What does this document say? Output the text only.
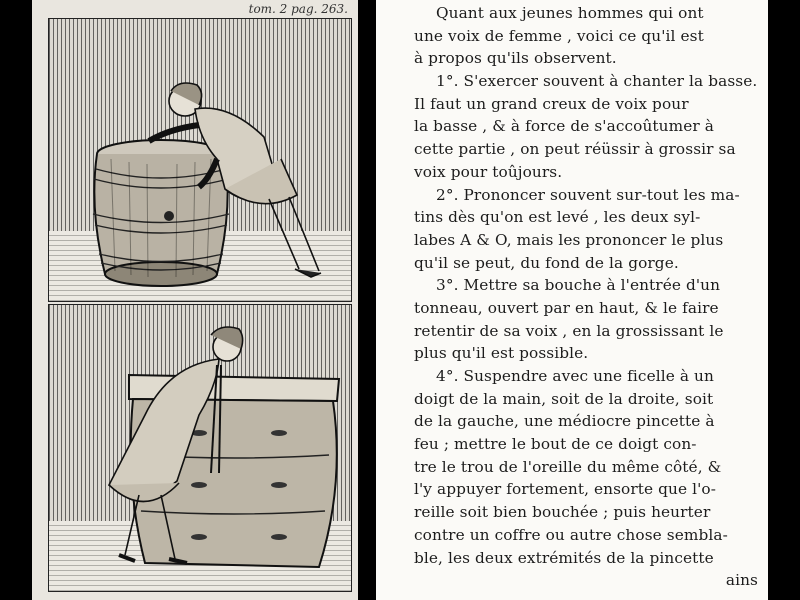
tom. 2 pag. 263.	Quant aux jeunes hommes qui ont
une voix de femme , voici ce qu'il est
à propos qu'ils observent.
1°. S'exercer souvent à chanter la basse.
Il faut un grand creux de voix pour
la basse , & à force de s'accoûtumer à
cette partie , on peut réüssir à grossir sa
voix pour toûjours.
2°. Prononcer souvent sur-tout les ma-
tins dès qu'on est levé , les deux syl-
labes A & O, mais les prononcer le plus
qu'il se peut, du fond de la gorge.
3°. Mettre sa bouche à l'entrée d'un
tonneau, ouvert par en haut, & le faire
retentir de sa voix , en la grossissant le
plus qu'il est possible.
4°. Suspendre avec une ficelle à un
doigt de la main, soit de la droite, soit
de la gauche, une médiocre pincette à
feu ; mettre le bout de ce doigt con-
tre le trou de l'oreille du même côté, &
l'y appuyer fortement, ensorte que l'o-
reille soit bien bouchée ; puis heurter
contre un coffre ou autre chose sembla-
ble, les deux extrémités de la pincette
ains
